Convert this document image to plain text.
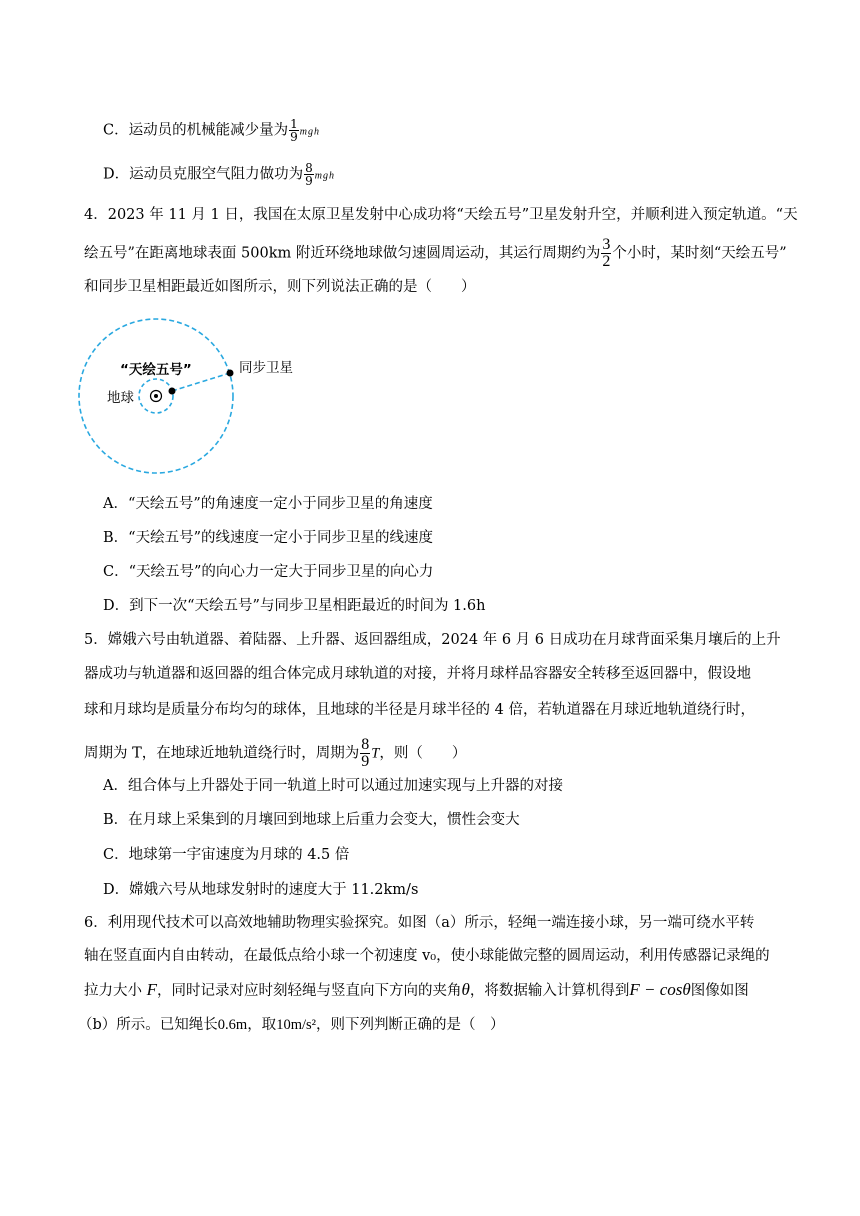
C．运动员的机械能减少量为 $\frac{1}{9}$ mgh
D．运动员克服空气阻力做功为 $\frac{8}{9}$ mgh
4．2023 年 11 月 1 日，我国在太原卫星发射中心成功将“天绘五号”卫星发射升空，并顺利进入预定轨道。“天
绘五号”在距离地球表面 500km 附近环绕地球做匀速圆周运动，其运行周期约为 $\frac{3}{2}$ 个小时，某时刻“天绘五号”
和同步卫星相距最近如图所示，则下列说法正确的是（　　）
“天绘五号”	同步卫星
地球
A．“天绘五号”的角速度一定小于同步卫星的角速度
B．“天绘五号”的线速度一定小于同步卫星的线速度
C．“天绘五号”的向心力一定大于同步卫星的向心力
D．到下一次“天绘五号”与同步卫星相距最近的时间为 1.6h
5．嫦娥六号由轨道器、着陆器、上升器、返回器组成，2024 年 6 月 6 日成功在月球背面采集月壤后的上升
器成功与轨道器和返回器的组合体完成月球轨道的对接，并将月球样品容器安全转移至返回器中，假设地
球和月球均是质量分布均匀的球体，且地球的半径是月球半径的 4 倍，若轨道器在月球近地轨道绕行时，
周期为 T，在地球近地轨道绕行时，周期为 $\frac{8}{9}$ T，则（　　）
A．组合体与上升器处于同一轨道上时可以通过加速实现与上升器的对接
B．在月球上采集到的月壤回到地球上后重力会变大，惯性会变大
C．地球第一宇宙速度为月球的 4.5 倍
D．嫦娥六号从地球发射时的速度大于 11.2km/s
6．利用现代技术可以高效地辅助物理实验探究。如图（a）所示，轻绳一端连接小球，另一端可绕水平转
轴在竖直面内自由转动，在最低点给小球一个初速度 v₀，使小球能做完整的圆周运动，利用传感器记录绳的
拉力大小 F，同时记录对应时刻轻绳与竖直向下方向的夹角θ，将数据输入计算机得到F − cosθ图像如图
（b）所示。已知绳长0.6m，取10m/s²，则下列判断正确的是（　）
